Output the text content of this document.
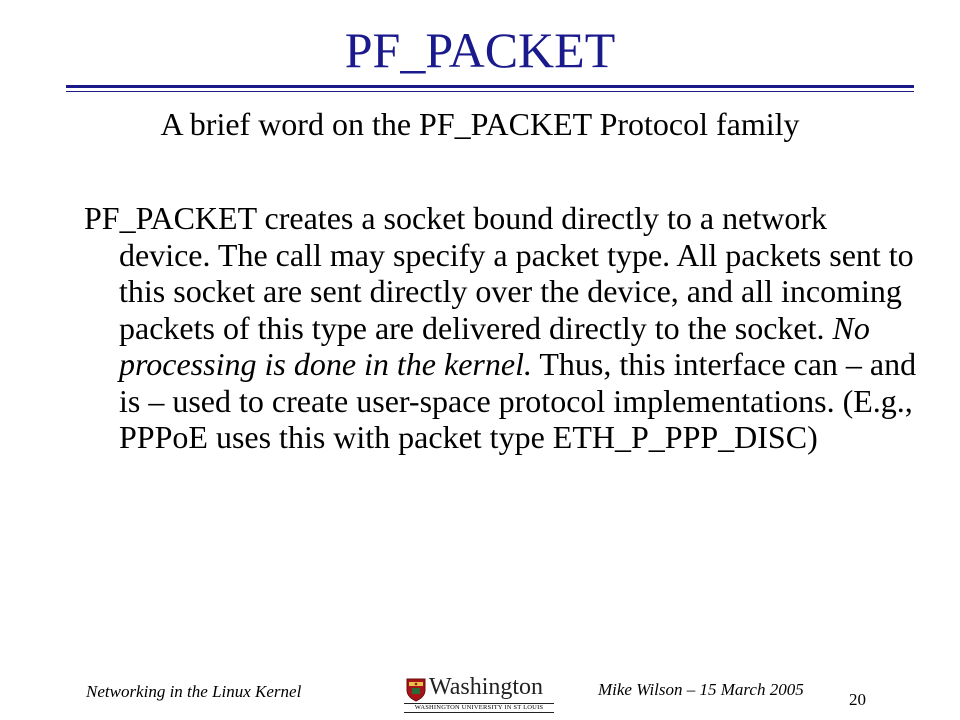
PF_PACKET
A brief word on the PF_PACKET Protocol family

PF_PACKET creates a socket bound directly to a network device. The call may specify a packet type. All packets sent to this socket are sent directly over the device, and all incoming packets of this type are delivered directly to the socket. No processing is done in the kernel. Thus, this interface can – and is – used to create user-space protocol implementations. (E.g., PPPoE uses this with packet type ETH_P_PPP_DISC)

Networking in the Linux Kernel	Washington
WASHINGTON UNIVERSITY IN ST LOUIS
Mike Wilson – 15 March 2005
20
